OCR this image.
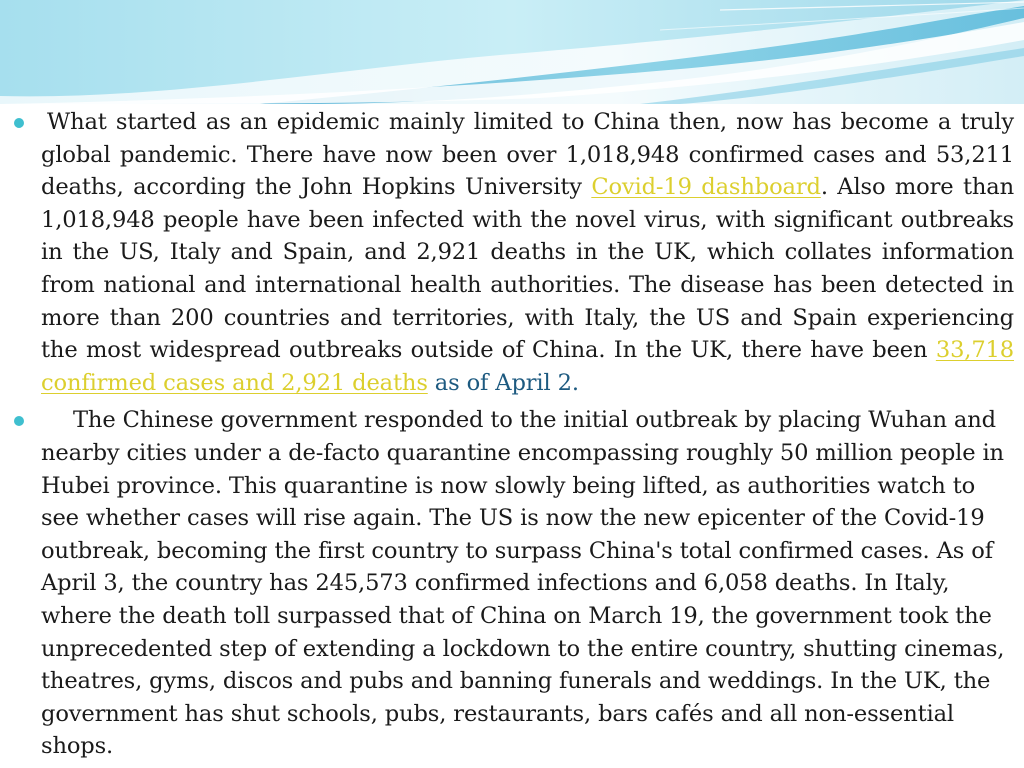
What started as an epidemic mainly limited to China then, now has become a truly global pandemic. There have now been over 1,018,948 confirmed cases and 53,211 deaths, according the John Hopkins University Covid-19 dashboard. Also more than 1,018,948 people have been infected with the novel virus, with significant outbreaks in the US, Italy and Spain, and 2,921 deaths in the UK, which collates information from national and international health authorities. The disease has been detected in more than 200 countries and territories, with Italy, the US and Spain experiencing the most widespread outbreaks outside of China. In the UK, there have been 33,718 confirmed cases and 2,921 deaths as of April 2.
The Chinese government responded to the initial outbreak by placing Wuhan and nearby cities under a de-facto quarantine encompassing roughly 50 million people in Hubei province. This quarantine is now slowly being lifted, as authorities watch to see whether cases will rise again. The US is now the new epicenter of the Covid-19 outbreak, becoming the first country to surpass China's total confirmed cases. As of April 3, the country has 245,573 confirmed infections and 6,058 deaths. In Italy, where the death toll surpassed that of China on March 19, the government took the unprecedented step of extending a lockdown to the entire country, shutting cinemas, theatres, gyms, discos and pubs and banning funerals and weddings. In the UK, the government has shut schools, pubs, restaurants, bars cafés and all non-essential shops.
